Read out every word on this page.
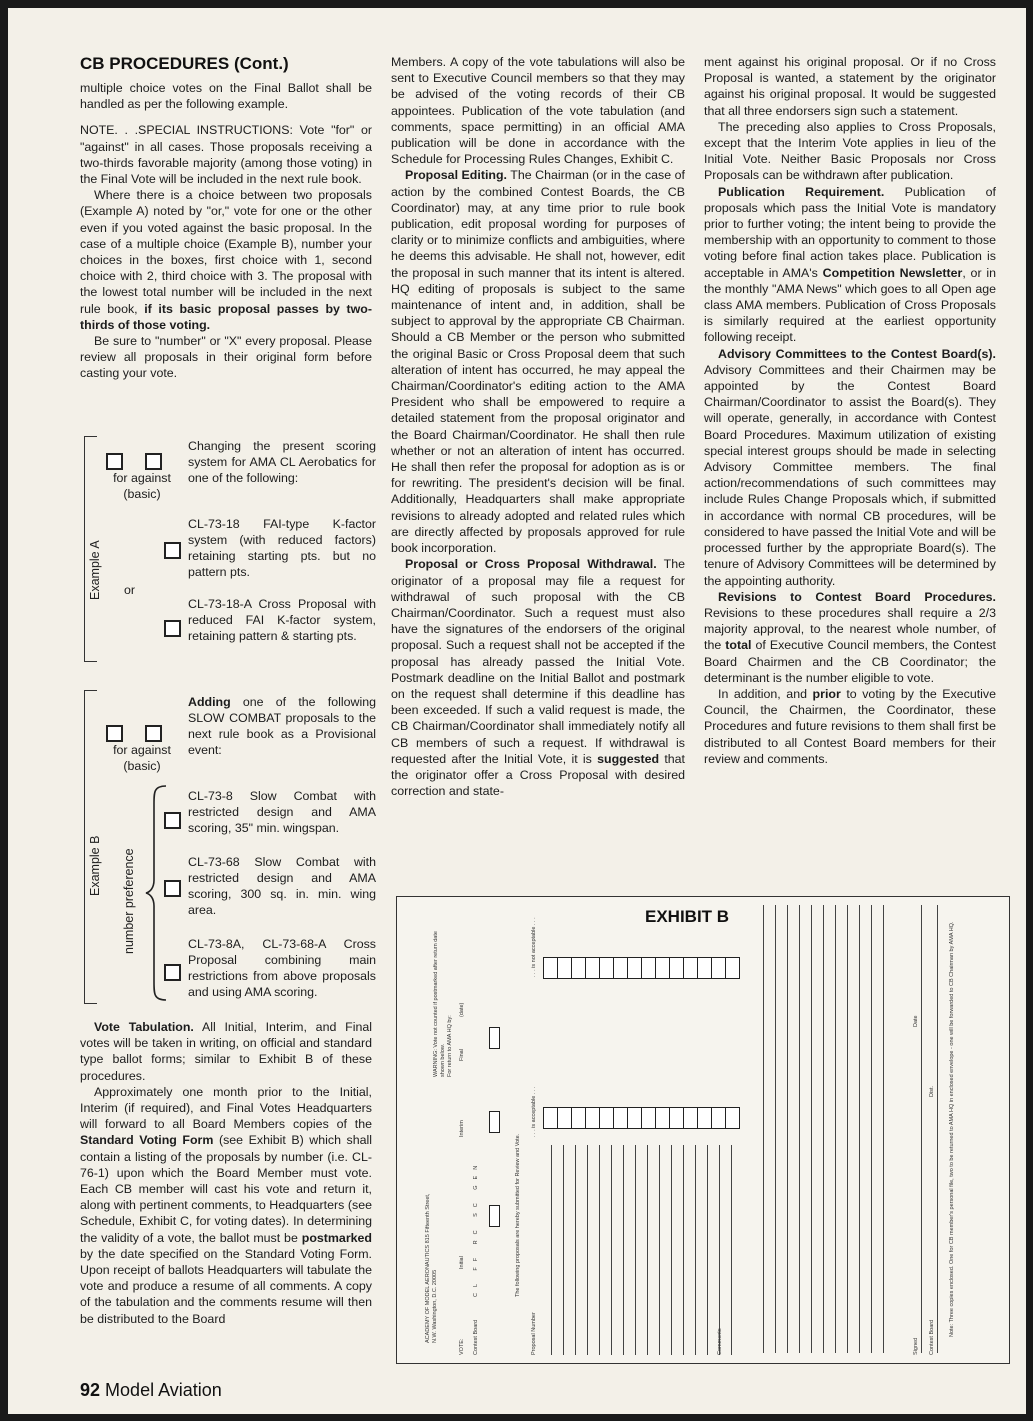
CB PROCEDURES (Cont.)

multiple choice votes on the Final Ballot shall be handled as per the following example.

NOTE. . .SPECIAL INSTRUCTIONS: Vote "for" or "against" in all cases. Those proposals receiving a two-thirds favorable majority (among those voting) in the Final Vote will be included in the next rule book.

Where there is a choice between two proposals (Example A) noted by "or," vote for one or the other even if you voted against the basic proposal. In the case of a multiple choice (Example B), number your choices in the boxes, first choice with 1, second choice with 2, third choice with 3. The proposal with the lowest total number will be included in the next rule book, if its basic proposal passes by two-thirds of those voting.

Be sure to "number" or "X" every proposal. Please review all proposals in their original form before casting your vote.

Example A

for against
(basic)
Changing the present scoring system for AMA CL Aerobatics for one of the following:
or
CL-73-18 FAI-type K-factor system (with reduced factors) retaining starting pts. but no pattern pts.
CL-73-18-A Cross Proposal with reduced FAI K-factor system, retaining pattern & starting pts.
Example B

for against
(basic)
Adding one of the following SLOW COMBAT proposals to the next rule book as a Provisional event:
number preference
CL-73-8 Slow Combat with restricted design and AMA scoring, 35" min. wingspan.
CL-73-68 Slow Combat with restricted design and AMA scoring, 300 sq. in. min. wing area.
CL-73-8A, CL-73-68-A Cross Proposal combining main restrictions from above proposals and using AMA scoring.

Vote Tabulation. All Initial, Interim, and Final votes will be taken in writing, on official and standard type ballot forms; similar to Exhibit B of these procedures.

Approximately one month prior to the Initial, Interim (if required), and Final Votes Headquarters will forward to all Board Members copies of the Standard Voting Form (see Exhibit B) which shall contain a listing of the proposals by number (i.e. CL-76-1) upon which the Board Member must vote. Each CB member will cast his vote and return it, along with pertinent comments, to Headquarters (see Schedule, Exhibit C, for voting dates). In determining the validity of a vote, the ballot must be postmarked by the date specified on the Standard Voting Form. Upon receipt of ballots Headquarters will tabulate the vote and produce a resume of all comments. A copy of the tabulation and the comments resume will then be distributed to the Board

Members. A copy of the vote tabulations will also be sent to Executive Council members so that they may be advised of the voting records of their CB appointees. Publication of the vote tabulation (and comments, space permitting) in an official AMA publication will be done in accordance with the Schedule for Processing Rules Changes, Exhibit C.

Proposal Editing. The Chairman (or in the case of action by the combined Contest Boards, the CB Coordinator) may, at any time prior to rule book publication, edit proposal wording for purposes of clarity or to minimize conflicts and ambiguities, where he deems this advisable. He shall not, however, edit the proposal in such manner that its intent is altered. HQ editing of proposals is subject to the same maintenance of intent and, in addition, shall be subject to approval by the appropriate CB Chairman. Should a CB Member or the person who submitted the original Basic or Cross Proposal deem that such alteration of intent has occurred, he may appeal the Chairman/Coordinator's editing action to the AMA President who shall be empowered to require a detailed statement from the proposal originator and the Board Chairman/Coordinator. He shall then rule whether or not an alteration of intent has occurred. He shall then refer the proposal for adoption as is or for rewriting. The president's decision will be final. Additionally, Headquarters shall make appropriate revisions to already adopted and related rules which are directly affected by proposals approved for rule book incorporation.

Proposal or Cross Proposal Withdrawal. The originator of a proposal may file a request for withdrawal of such proposal with the CB Chairman/Coordinator. Such a request must also have the signatures of the endorsers of the original proposal. Such a request shall not be accepted if the proposal has already passed the Initial Vote. Postmark deadline on the Initial Ballot and postmark on the request shall determine if this deadline has been exceeded. If such a valid request is made, the CB Chairman/Coordinator shall immediately notify all CB members of such a request. If withdrawal is requested after the Initial Vote, it is suggested that the originator offer a Cross Proposal with desired correction and state-

ment against his original proposal. Or if no Cross Proposal is wanted, a statement by the originator against his original proposal. It would be suggested that all three endorsers sign such a statement.

The preceding also applies to Cross Proposals, except that the Interim Vote applies in lieu of the Initial Vote. Neither Basic Proposals nor Cross Proposals can be withdrawn after publication.

Publication Requirement. Publication of proposals which pass the Initial Vote is mandatory prior to further voting; the intent being to provide the membership with an opportunity to comment to those voting before final action takes place. Publication is acceptable in AMA's Competition Newsletter, or in the monthly "AMA News" which goes to all Open age class AMA members. Publication of Cross Proposals is similarly required at the earliest opportunity following receipt.

Advisory Committees to the Contest Board(s). Advisory Committees and their Chairmen may be appointed by the Contest Board Chairman/Coordinator to assist the Board(s). They will operate, generally, in accordance with Contest Board Procedures. Maximum utilization of existing special interest groups should be made in selecting Advisory Committee members. The final action/recommendations of such committees may include Rules Change Proposals which, if submitted in accordance with normal CB procedures, will be considered to have passed the Initial Vote and will be processed further by the appropriate Board(s). The tenure of Advisory Committees will be determined by the appointing authority.

Revisions to Contest Board Procedures. Revisions to these procedures shall require a 2/3 majority approval, to the nearest whole number, of the total of Executive Council members, the Contest Board Chairmen and the CB Coordinator; the determinant is the number eligible to vote.

In addition, and prior to voting by the Executive Council, the Chairmen, the Coordinator, these Procedures and future revisions to them shall first be distributed to all Contest Board members for their review and comments.

EXHIBIT B
ACADEMY OF MODEL AERONAUTICS 815 Fifteenth Street, N.W. Washington, D.C. 20005
VOTE:
Initial
Interim
Final
Contest Board
CL FF RC SC GEN
WARNING: Vote not counted if postmarked after return date shown below. For return to AMA HQ by:
(date)
The following proposals are hereby submitted for Review and Vote.
Proposal Number
. . . is acceptable . . .
. . . is not acceptable . . .
Comments	Signed
Date
Dist.
Contest Board
Note: Three copies enclosed. One for CB member's personal file, two to be returned to AMA HQ in enclosed envelope - one will be forwarded to CB Chairman by AMA HQ.
92 Model Aviation
